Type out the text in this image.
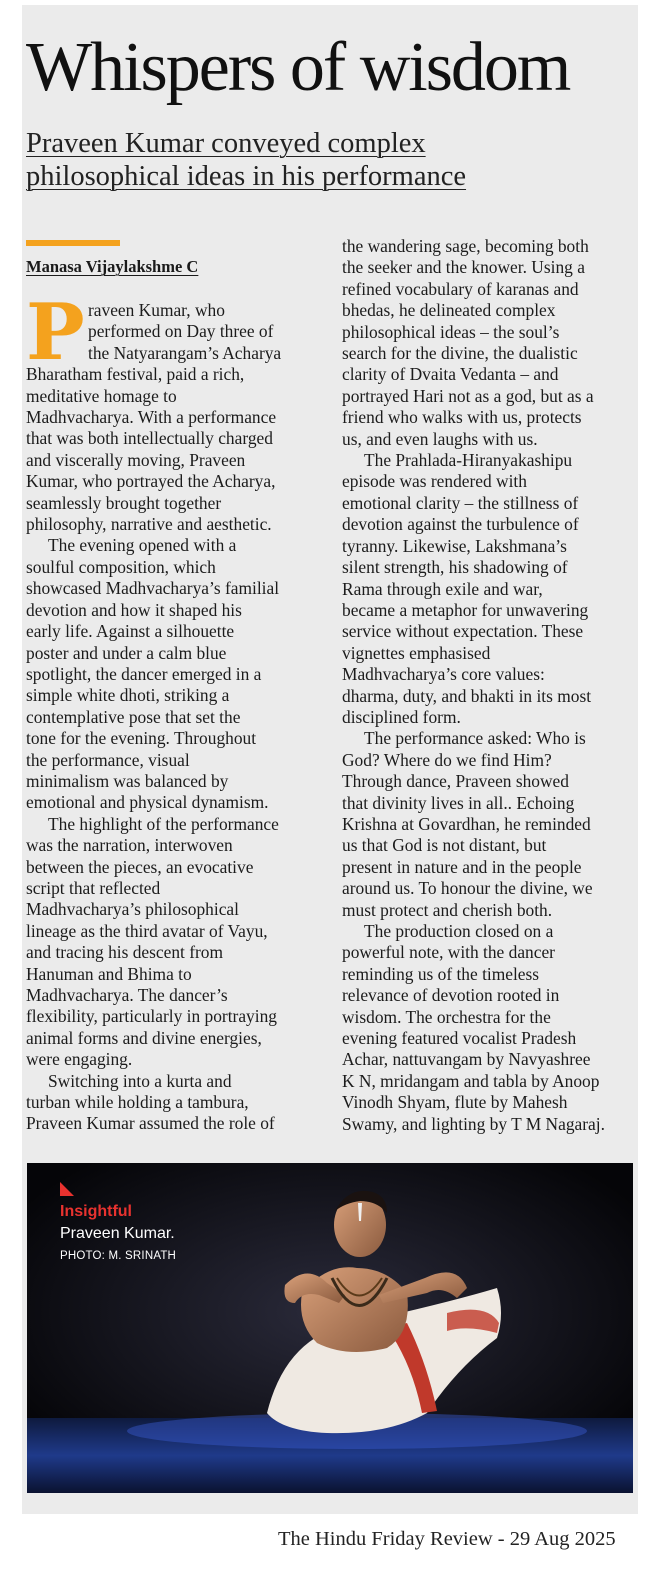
Whispers of wisdom
Praveen Kumar conveyed complex
philosophical ideas in his performance

Manasa Vijaylakshme C

P raveen Kumar, who
performed on Day three of
the Natyarangam’s Acharya
Bharatham festival, paid a rich,
meditative homage to
Madhvacharya. With a performance
that was both intellectually charged
and viscerally moving, Praveen
Kumar, who portrayed the Acharya,
seamlessly brought together
philosophy, narrative and aesthetic.
The evening opened with a
soulful composition, which
showcased Madhvacharya’s familial
devotion and how it shaped his
early life. Against a silhouette
poster and under a calm blue
spotlight, the dancer emerged in a
simple white dhoti, striking a
contemplative pose that set the
tone for the evening. Throughout
the performance, visual
minimalism was balanced by
emotional and physical dynamism.
The highlight of the performance
was the narration, interwoven
between the pieces, an evocative
script that reflected
Madhvacharya’s philosophical
lineage as the third avatar of Vayu,
and tracing his descent from
Hanuman and Bhima to
Madhvacharya. The dancer’s
flexibility, particularly in portraying
animal forms and divine energies,
were engaging.
Switching into a kurta and
turban while holding a tambura,
Praveen Kumar assumed the role of
the wandering sage, becoming both
the seeker and the knower. Using a
refined vocabulary of karanas and
bhedas, he delineated complex
philosophical ideas – the soul’s
search for the divine, the dualistic
clarity of Dvaita Vedanta – and
portrayed Hari not as a god, but as a
friend who walks with us, protects
us, and even laughs with us.
The Prahlada-Hiranyakashipu
episode was rendered with
emotional clarity – the stillness of
devotion against the turbulence of
tyranny. Likewise, Lakshmana’s
silent strength, his shadowing of
Rama through exile and war,
became a metaphor for unwavering
service without expectation. These
vignettes emphasised
Madhvacharya’s core values:
dharma, duty, and bhakti in its most
disciplined form.
The performance asked: Who is
God? Where do we find Him?
Through dance, Praveen showed
that divinity lives in all.. Echoing
Krishna at Govardhan, he reminded
us that God is not distant, but
present in nature and in the people
around us. To honour the divine, we
must protect and cherish both.
The production closed on a
powerful note, with the dancer
reminding us of the timeless
relevance of devotion rooted in
wisdom. The orchestra for the
evening featured vocalist Pradesh
Achar, nattuvangam by Navyashree
K N, mridangam and tabla by Anoop
Vinodh Shyam, flute by Mahesh
Swamy, and lighting by T M Nagaraj.

Insightful

Praveen Kumar.

PHOTO: M. SRINATH

The Hindu Friday Review - 29 Aug 2025
